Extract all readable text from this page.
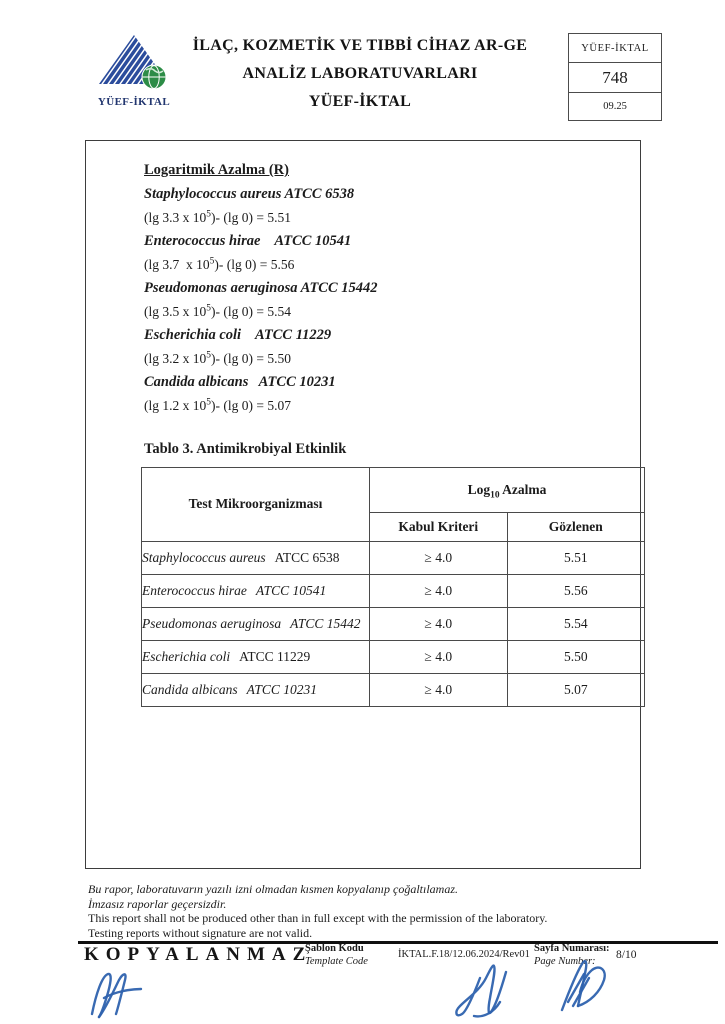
YÜEF-İKTAL
İLAÇ, KOZMETİK VE TIBBİ CİHAZ AR-GE
ANALİZ LABORATUVARLARI
YÜEF-İKTAL
YÜEF-İKTAL
748
09.25

Logaritmik Azalma (R)

Staphylococcus aureus ATCC 6538

(lg 3.3 x $10^5)-$ (lg 0) = 5.51

Enterococcus hirae    ATCC 10541

(lg 3.7  x $10^5)-$ (lg 0) = 5.56

Pseudomonas aeruginosa ATCC 15442

(lg 3.5 x $10^5)-$ (lg 0) = 5.54

Escherichia coli    ATCC 11229

(lg 3.2 x $10^5)-$ (lg 0) = 5.50

Candida albicans   ATCC 10231

(lg 1.2 x $10^5)-$ (lg 0) = 5.07

Tablo 3. Antimikrobiyal Etkinlik

Test Mikroorganizması	Log$_{10}$ Azalma	
	Kabul Kriteri	Gözlenen
Staphylococcus aureus ATCC 6538	≥ 4.0	5.51
Enterococcus hirae ATCC 10541	≥ 4.0	5.56
Pseudomonas aeruginosa ATCC 15442	≥ 4.0	5.54
Escherichia coli ATCC 11229	≥ 4.0	5.50
Candida albicans ATCC 10231	≥ 4.0	5.07

Bu rapor, laboratuvarın yazılı izni olmadan kısmen kopyalanıp çoğaltılamaz.

İmzasız raporlar geçersizdir.

This report shall not be produced other than in full except with the permission of the laboratory.

Testing reports without signature are not valid.

KOPYALANMAZ
Şablon Kodu
Template Code
İKTAL.F.18/12.06.2024/Rev01
Sayfa Numarası:
Page Number:
8/10
